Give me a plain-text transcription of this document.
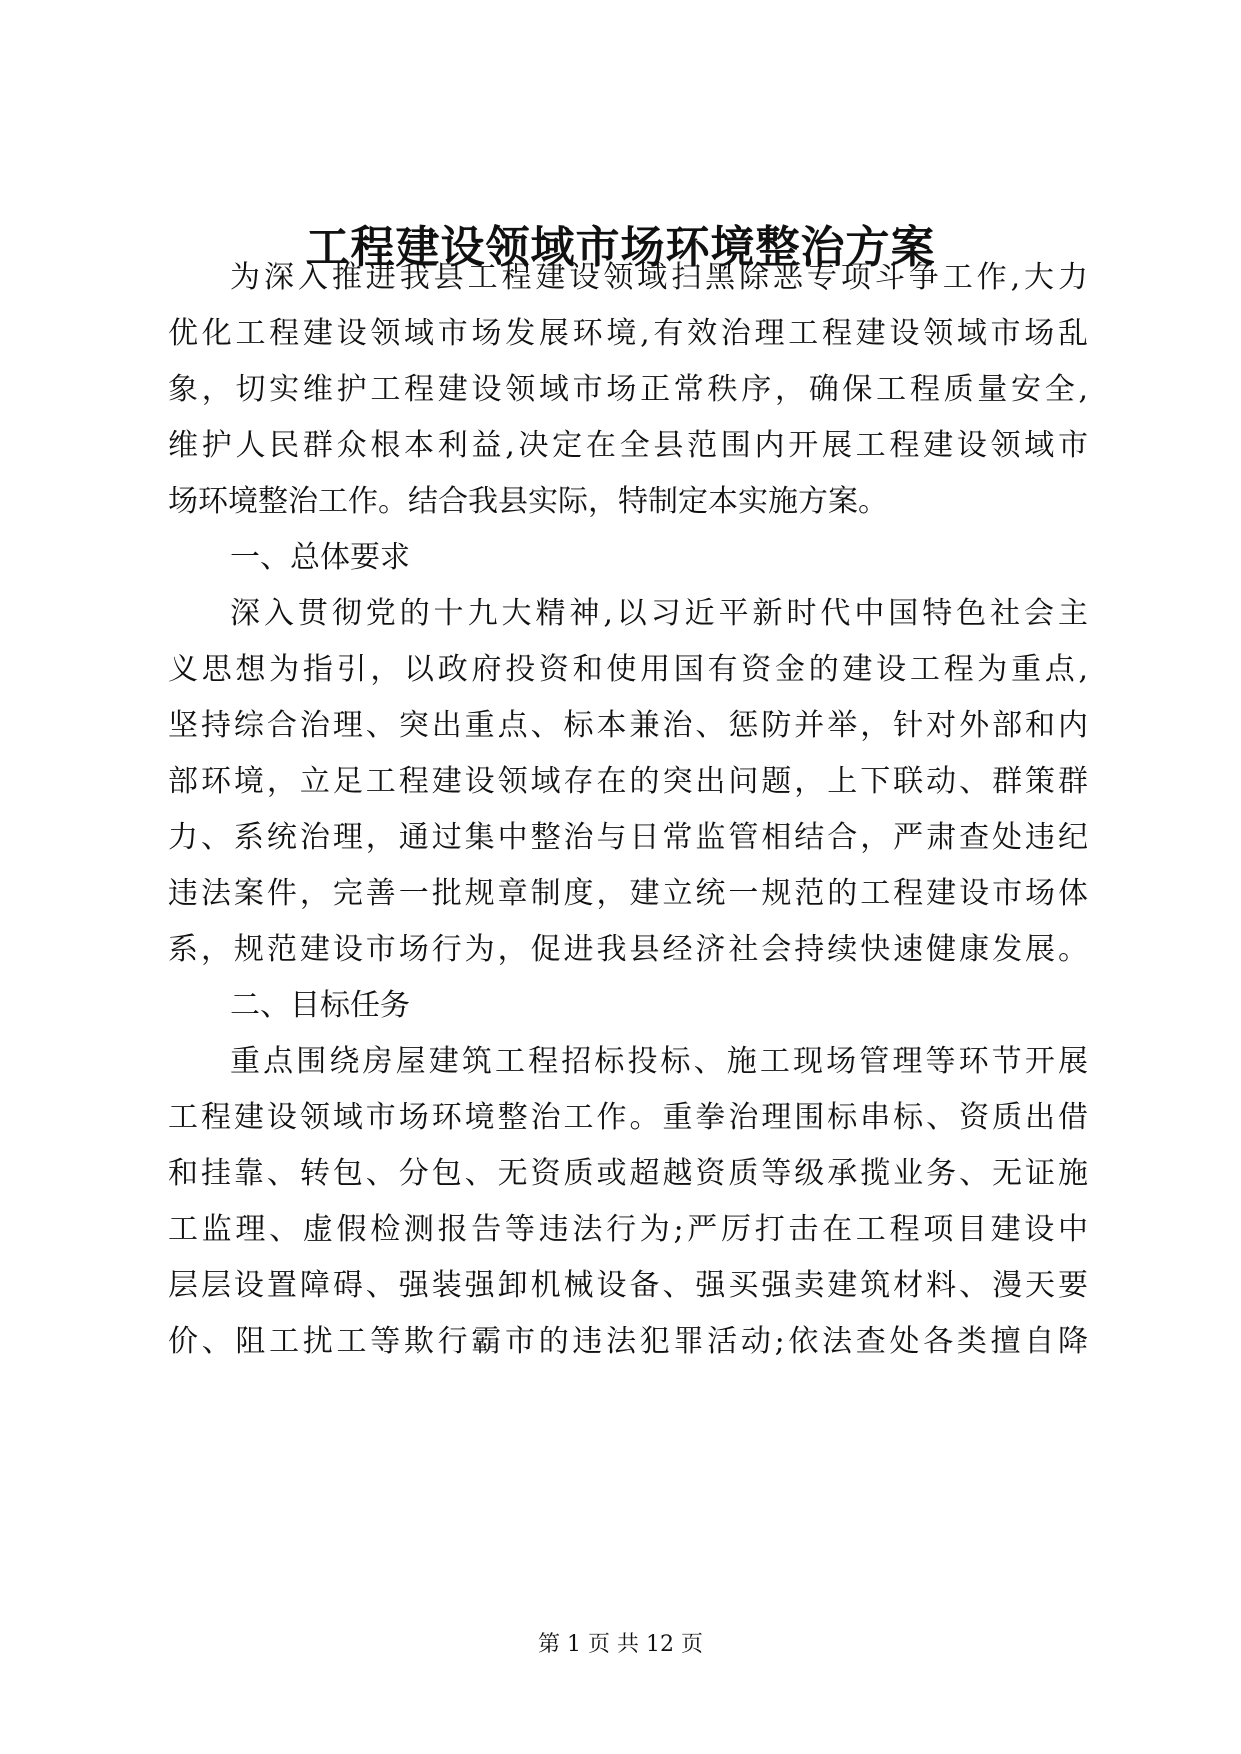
工程建设领域市场环境整治方案
为深入推进我县工程建设领域扫黑除恶专项斗争工作,大力
优化工程建设领域市场发展环境,有效治理工程建设领域市场乱
象，切实维护工程建设领域市场正常秩序，确保工程质量安全,
维护人民群众根本利益,决定在全县范围内开展工程建设领域市
场环境整治工作。结合我县实际，特制定本实施方案。
一、总体要求
深入贯彻党的十九大精神,以习近平新时代中国特色社会主
义思想为指引，以政府投资和使用国有资金的建设工程为重点,
坚持综合治理、突出重点、标本兼治、惩防并举，针对外部和内
部环境，立足工程建设领域存在的突出问题，上下联动、群策群
力、系统治理，通过集中整治与日常监管相结合，严肃查处违纪
违法案件，完善一批规章制度，建立统一规范的工程建设市场体
系，规范建设市场行为，促进我县经济社会持续快速健康发展。
二、目标任务
重点围绕房屋建筑工程招标投标、施工现场管理等环节开展
工程建设领域市场环境整治工作。重拳治理围标串标、资质出借
和挂靠、转包、分包、无资质或超越资质等级承揽业务、无证施
工监理、虚假检测报告等违法行为;严厉打击在工程项目建设中
层层设置障碍、强装强卸机械设备、强买强卖建筑材料、漫天要
价、阻工扰工等欺行霸市的违法犯罪活动;依法查处各类擅自降
第 1 页 共 12 页
